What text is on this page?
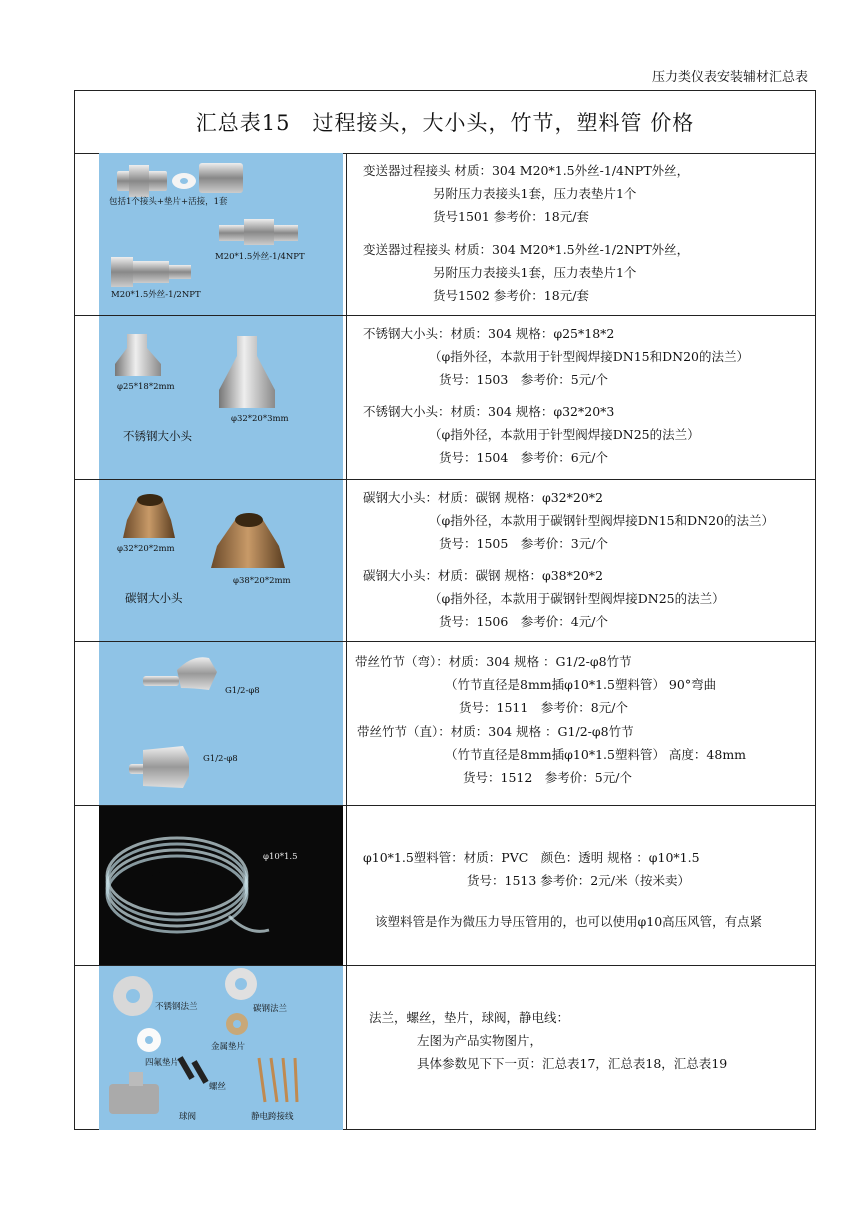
压力类仪表安装辅材汇总表
汇总表15　过程接头，大小头，竹节，塑料管 价格
包括1个接头+垫片+活接，1套
M20*1.5外丝-1/4NPT
M20*1.5外丝-1/2NPT
变送器过程接头 材质：304 M20*1.5外丝-1/4NPT外丝，
另附压力表接头1套，压力表垫片1个
货号1501 参考价：18元/套
变送器过程接头 材质：304 M20*1.5外丝-1/2NPT外丝，
另附压力表接头1套，压力表垫片1个
货号1502 参考价：18元/套
φ25*18*2mm
φ32*20*3mm
不锈钢大小头
不锈钢大小头：材质：304 规格：φ25*18*2
（φ指外径，本款用于针型阀焊接DN15和DN20的法兰）
货号：1503　参考价：5元/个
不锈钢大小头：材质：304 规格：φ32*20*3
（φ指外径，本款用于针型阀焊接DN25的法兰）
货号：1504　参考价：6元/个
φ32*20*2mm
φ38*20*2mm
碳钢大小头
碳钢大小头：材质：碳钢 规格：φ32*20*2
（φ指外径，本款用于碳钢针型阀焊接DN15和DN20的法兰）
货号：1505　参考价：3元/个
碳钢大小头：材质：碳钢 规格：φ38*20*2
（φ指外径，本款用于碳钢针型阀焊接DN25的法兰）
货号：1506　参考价：4元/个
G1/2-φ8
G1/2-φ8
带丝竹节（弯）：材质：304 规格 ：G1/2-φ8竹节
（竹节直径是8mm插φ10*1.5塑料管） 90°弯曲
货号：1511　参考价：8元/个
带丝竹节（直）：材质：304 规格 ：G1/2-φ8竹节
（竹节直径是8mm插φ10*1.5塑料管） 高度：48mm
货号：1512　参考价：5元/个
φ10*1.5	φ10*1.5塑料管：材质：PVC　颜色：透明 规格 ：φ10*1.5
货号：1513 参考价：2元/米（按米卖）
该塑料管是作为微压力导压管用的，也可以使用φ10高压风管，有点紧
不锈钢法兰	碳钢法兰
四氟垫片
金属垫片
螺丝
球阀	静电跨接线
法兰，螺丝，垫片，球阀，静电线：
左图为产品实物图片，
具体参数见下下一页：汇总表17，汇总表18，汇总表19
